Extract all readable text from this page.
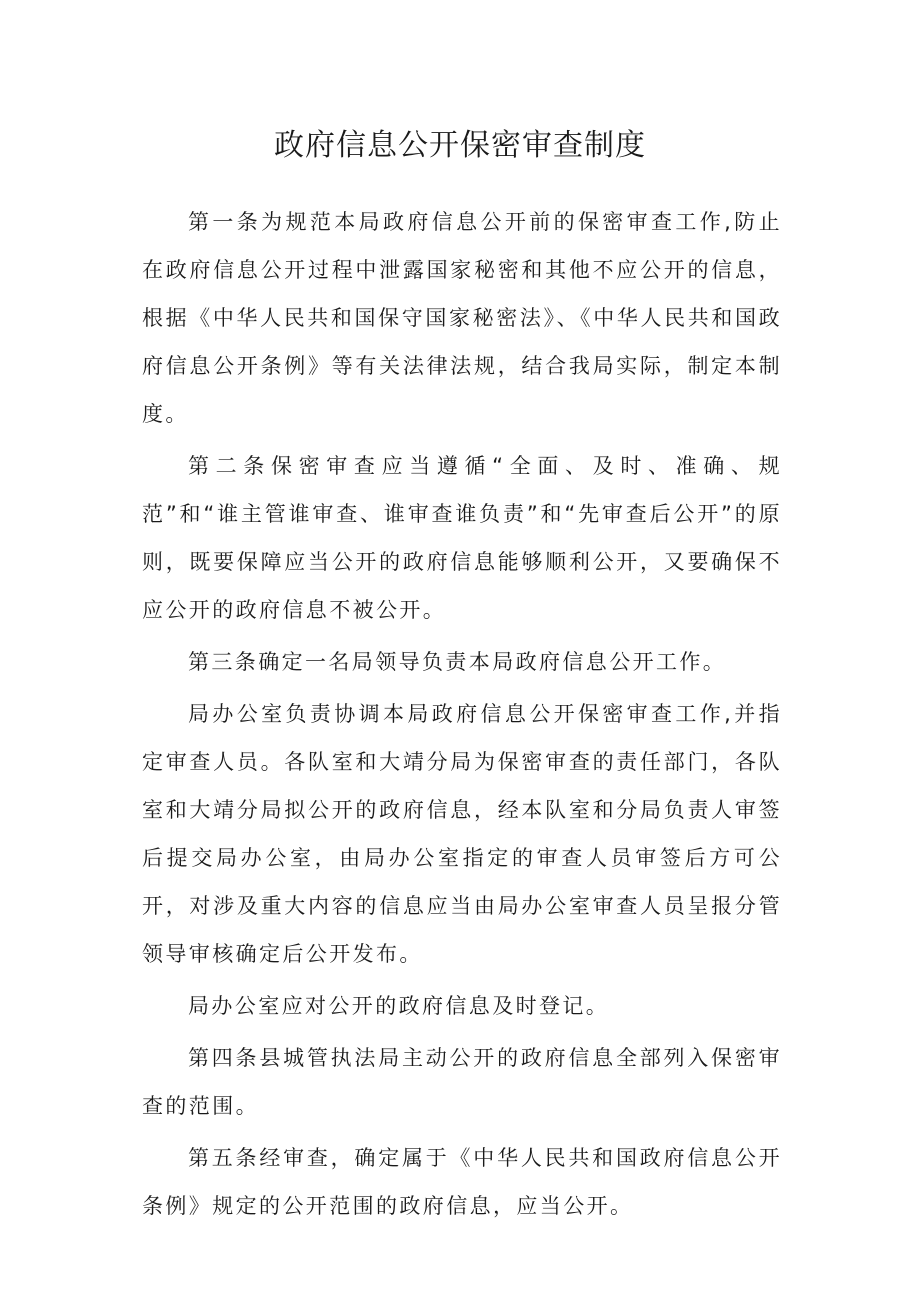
政府信息公开保密审查制度

第一条为规范本局政府信息公开前的保密审查工作,防止在政府信息公开过程中泄露国家秘密和其他不应公开的信息，根据《中华人民共和国保守国家秘密法》、《中华人民共和国政府信息公开条例》等有关法律法规，结合我局实际，制定本制度。

第二条保密审查应当遵循“全面、及时、准确、规范”和“谁主管谁审查、谁审查谁负责”和“先审查后公开”的原则，既要保障应当公开的政府信息能够顺利公开，又要确保不应公开的政府信息不被公开。

第三条确定一名局领导负责本局政府信息公开工作。

局办公室负责协调本局政府信息公开保密审查工作,并指定审查人员。各队室和大靖分局为保密审查的责任部门，各队室和大靖分局拟公开的政府信息，经本队室和分局负责人审签后提交局办公室，由局办公室指定的审查人员审签后方可公开，对涉及重大内容的信息应当由局办公室审查人员呈报分管领导审核确定后公开发布。

局办公室应对公开的政府信息及时登记。

第四条县城管执法局主动公开的政府信息全部列入保密审查的范围。

第五条经审查，确定属于《中华人民共和国政府信息公开条例》规定的公开范围的政府信息，应当公开。
